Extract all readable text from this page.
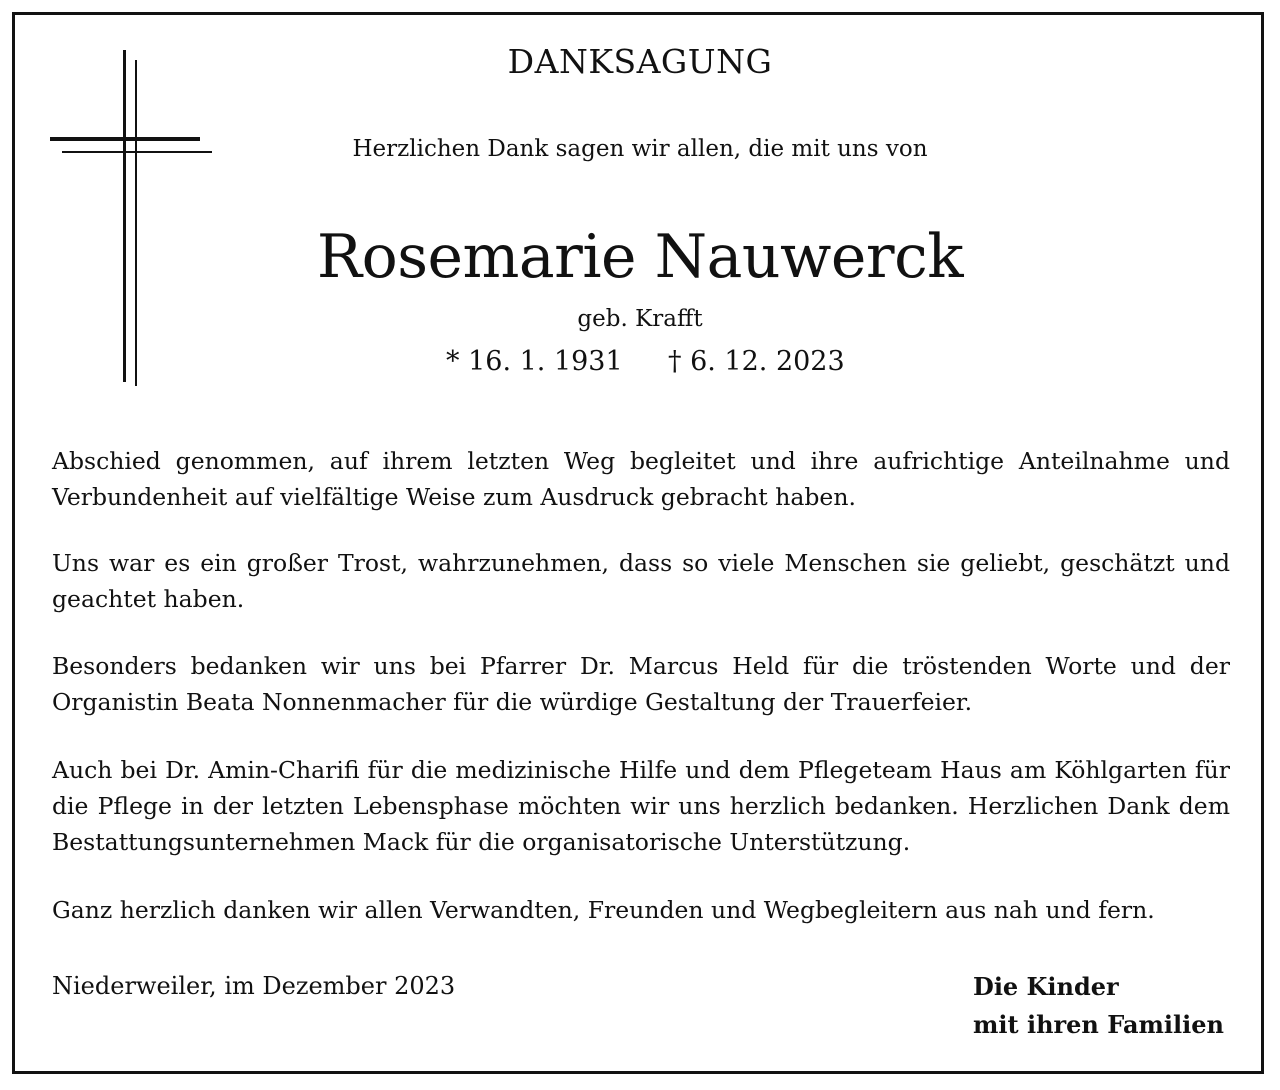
DANKSAGUNG
Herzlichen Dank sagen wir allen, die mit uns von
Rosemarie Nauwerck
geb. Krafft
* 16. 1. 1931 † 6. 12. 2023

Abschied genommen, auf ihrem letzten Weg begleitet und ihre aufrichtige Anteilnahme und Verbundenheit auf vielfältige Weise zum Ausdruck gebracht haben.

Uns war es ein großer Trost, wahrzunehmen, dass so viele Menschen sie geliebt, geschätzt und geachtet haben.

Besonders bedanken wir uns bei Pfarrer Dr. Marcus Held für die tröstenden Worte und der Organistin Beata Nonnenmacher für die würdige Gestaltung der Trauerfeier.

Auch bei Dr. Amin-Charifi für die medizinische Hilfe und dem Pflegeteam Haus am Köhlgarten für die Pflege in der letzten Lebensphase möchten wir uns herzlich bedanken. Herzlichen Dank dem Bestattungsunternehmen Mack für die organisatorische Unterstützung.

Ganz herzlich danken wir allen Verwandten, Freunden und Wegbegleitern aus nah und fern.

Niederweiler, im Dezember 2023	Die Kinder
mit ihren Familien
